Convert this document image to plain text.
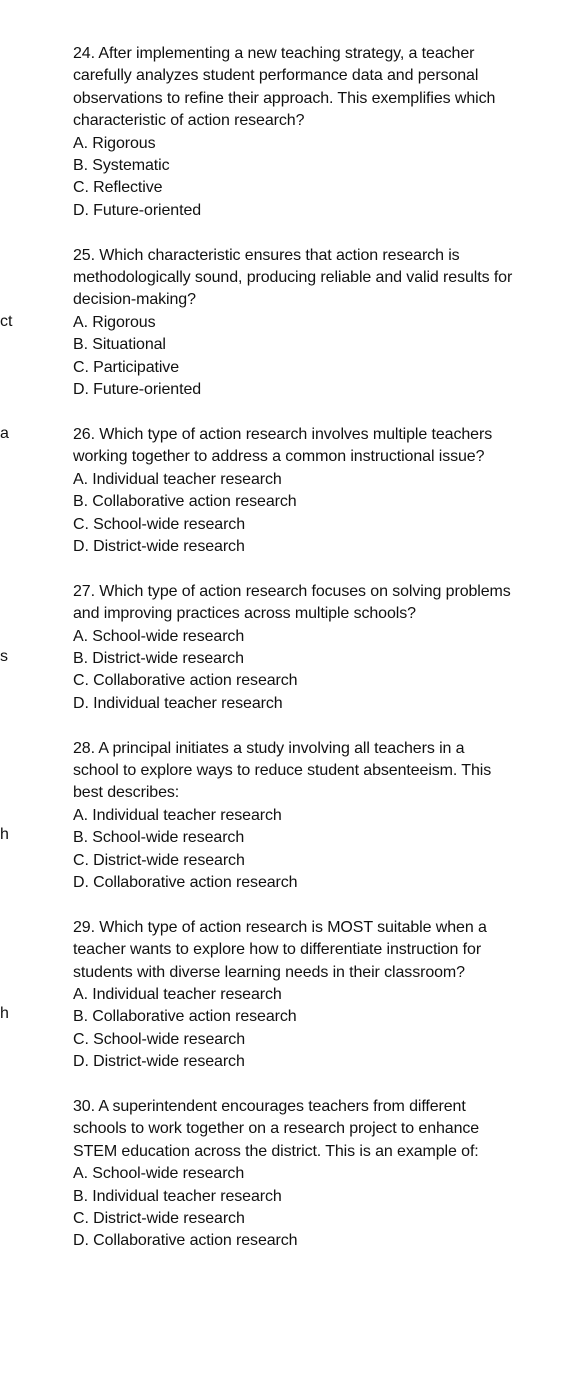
ct
a
s
h
h

24. After implementing a new teaching strategy, a teacher carefully analyzes student performance data and personal observations to refine their approach. This exemplifies which characteristic of action research?

A. Rigorous
B. Systematic
C. Reflective
D. Future-oriented

25. Which characteristic ensures that action research is methodologically sound, producing reliable and valid results for decision-making?

A. Rigorous
B. Situational
C. Participative
D. Future-oriented

26. Which type of action research involves multiple teachers working together to address a common instructional issue?

A. Individual teacher research
B. Collaborative action research
C. School-wide research
D. District-wide research

27. Which type of action research focuses on solving problems and improving practices across multiple schools?

A. School-wide research
B. District-wide research
C. Collaborative action research
D. Individual teacher research

28. A principal initiates a study involving all teachers in a school to explore ways to reduce student absenteeism. This best describes:

A. Individual teacher research
B. School-wide research
C. District-wide research
D. Collaborative action research

29. Which type of action research is MOST suitable when a teacher wants to explore how to differentiate instruction for students with diverse learning needs in their classroom?

A. Individual teacher research
B. Collaborative action research
C. School-wide research
D. District-wide research

30. A superintendent encourages teachers from different schools to work together on a research project to enhance STEM education across the district. This is an example of:

A. School-wide research
B. Individual teacher research
C. District-wide research
D. Collaborative action research
